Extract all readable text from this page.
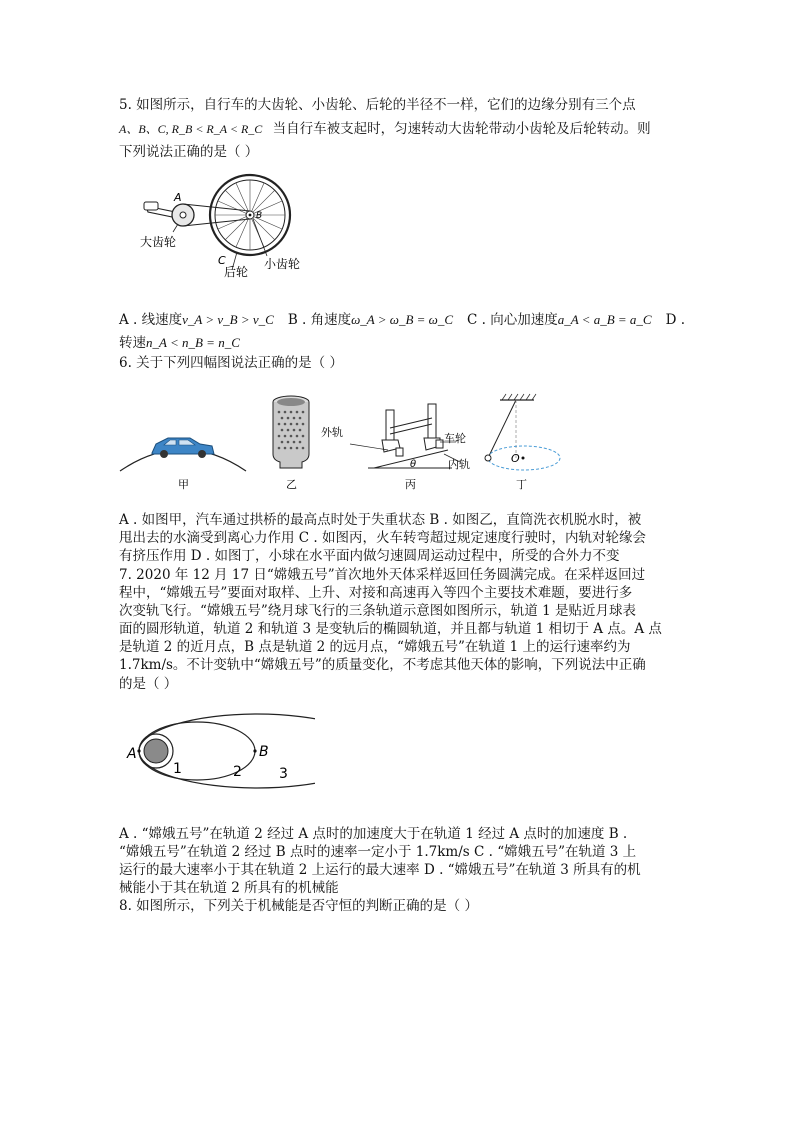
5. 如图所示，自行车的大齿轮、小齿轮、后轮的半径不一样，它们的边缘分别有三个点
A、B、C, R_B < R_A < R_C 当自行车被支起时，匀速转动大齿轮带动小齿轮及后轮转动。则
下列说法正确的是（ ）
A
B
C
大齿轮
后轮
小齿轮
A . 线速度v_A > v_B > v_C B . 角速度ω_A > ω_B = ω_C C . 向心加速度a_A < a_B = a_C D .
转速n_A < n_B = n_C
6. 关于下列四幅图说法正确的是（ ）
甲	乙
外轨	车轮
内轨
θ
丙
O
丁
A . 如图甲，汽车通过拱桥的最高点时处于失重状态 B . 如图乙，直筒洗衣机脱水时，被
甩出去的水滴受到离心力作用 C . 如图丙，火车转弯超过规定速度行驶时，内轨对轮缘会
有挤压作用 D . 如图丁，小球在水平面内做匀速圆周运动过程中，所受的合外力不变
7. 2020 年 12 月 17 日“嫦娥五号”首次地外天体采样返回任务圆满完成。在采样返回过
程中，“嫦娥五号”要面对取样、上升、对接和高速再入等四个主要技术难题，要进行多
次变轨飞行。“嫦娥五号”绕月球飞行的三条轨道示意图如图所示，轨道 1 是贴近月球表
面的圆形轨道，轨道 2 和轨道 3 是变轨后的椭圆轨道，并且都与轨道 1 相切于 A 点。A 点
是轨道 2 的近月点，B 点是轨道 2 的远月点，“嫦娥五号”在轨道 1 上的运行速率约为
1.7km/s。不计变轨中“嫦娥五号”的质量变化，不考虑其他天体的影响，下列说法中正确
的是（ ）
A	B
1	2	3
A . “嫦娥五号”在轨道 2 经过 A 点时的加速度大于在轨道 1 经过 A 点时的加速度 B .
“嫦娥五号”在轨道 2 经过 B 点时的速率一定小于 1.7km/s C . “嫦娥五号”在轨道 3 上
运行的最大速率小于其在轨道 2 上运行的最大速率 D . “嫦娥五号”在轨道 3 所具有的机
械能小于其在轨道 2 所具有的机械能
8. 如图所示，下列关于机械能是否守恒的判断正确的是（ ）
